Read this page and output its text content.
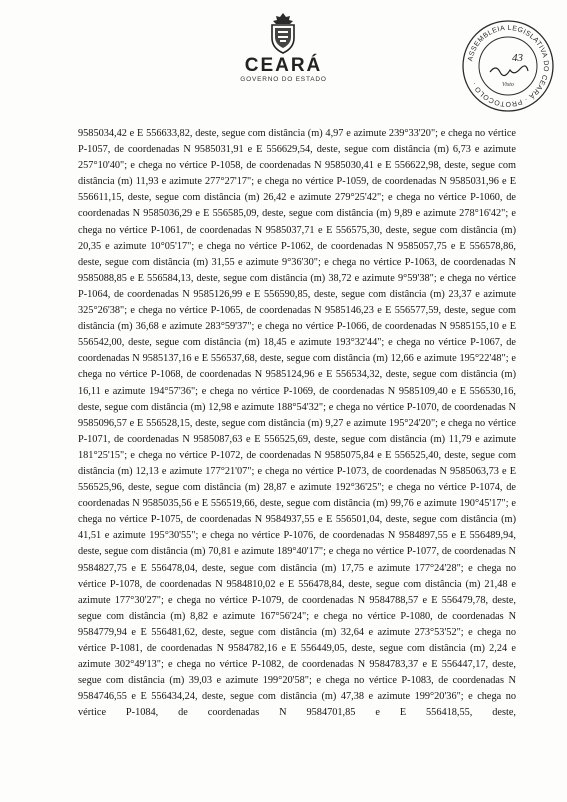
CEARÁ
GOVERNO DO ESTADO
ASSEMBLEIA LEGISLATIVA DO CEARÁ · PROTOCOLO ·
43
Visto

9585034,42 e E 556633,82, deste, segue com distância (m) 4,97 e azimute 239°33'20"; e chega no vértice P-1057, de coordenadas N 9585031,91 e E 556629,54, deste, segue com distância (m) 6,73 e azimute 257°10'40"; e chega no vértice P-1058, de coordenadas N 9585030,41 e E 556622,98, deste, segue com distância (m) 11,93 e azimute 277°27'17"; e chega no vértice P-1059, de coordenadas N 9585031,96 e E 556611,15, deste, segue com distância (m) 26,42 e azimute 279°25'42"; e chega no vértice P-1060, de coordenadas N 9585036,29 e E 556585,09, deste, segue com distância (m) 9,89 e azimute 278°16'42"; e chega no vértice P-1061, de coordenadas N 9585037,71 e E 556575,30, deste, segue com distância (m) 20,35 e azimute 10°05'17"; e chega no vértice P-1062, de coordenadas N 9585057,75 e E 556578,86, deste, segue com distância (m) 31,55 e azimute 9°36'30"; e chega no vértice P-1063, de coordenadas N 9585088,85 e E 556584,13, deste, segue com distância (m) 38,72 e azimute 9°59'38"; e chega no vértice P-1064, de coordenadas N 9585126,99 e E 556590,85, deste, segue com distância (m) 23,37 e azimute 325°26'38"; e chega no vértice P-1065, de coordenadas N 9585146,23 e E 556577,59, deste, segue com distância (m) 36,68 e azimute 283°59'37"; e chega no vértice P-1066, de coordenadas N 9585155,10 e E 556542,00, deste, segue com distância (m) 18,45 e azimute 193°32'44"; e chega no vértice P-1067, de coordenadas N 9585137,16 e E 556537,68, deste, segue com distância (m) 12,66 e azimute 195°22'48"; e chega no vértice P-1068, de coordenadas N 9585124,96 e E 556534,32, deste, segue com distância (m) 16,11 e azimute 194°57'36"; e chega no vértice P-1069, de coordenadas N 9585109,40 e E 556530,16, deste, segue com distância (m) 12,98 e azimute 188°54'32"; e chega no vértice P-1070, de coordenadas N 9585096,57 e E 556528,15, deste, segue com distância (m) 9,27 e azimute 195°24'20"; e chega no vértice P-1071, de coordenadas N 9585087,63 e E 556525,69, deste, segue com distância (m) 11,79 e azimute 181°25'15"; e chega no vértice P-1072, de coordenadas N 9585075,84 e E 556525,40, deste, segue com distância (m) 12,13 e azimute 177°21'07"; e chega no vértice P-1073, de coordenadas N 9585063,73 e E 556525,96, deste, segue com distância (m) 28,87 e azimute 192°36'25"; e chega no vértice P-1074, de coordenadas N 9585035,56 e E 556519,66, deste, segue com distância (m) 99,76 e azimute 190°45'17"; e chega no vértice P-1075, de coordenadas N 9584937,55 e E 556501,04, deste, segue com distância (m) 41,51 e azimute 195°30'55"; e chega no vértice P-1076, de coordenadas N 9584897,55 e E 556489,94, deste, segue com distância (m) 70,81 e azimute 189°40'17"; e chega no vértice P-1077, de coordenadas N 9584827,75 e E 556478,04, deste, segue com distância (m) 17,75 e azimute 177°24'28"; e chega no vértice P-1078, de coordenadas N 9584810,02 e E 556478,84, deste, segue com distância (m) 21,48 e azimute 177°30'27"; e chega no vértice P-1079, de coordenadas N 9584788,57 e E 556479,78, deste, segue com distância (m) 8,82 e azimute 167°56'24"; e chega no vértice P-1080, de coordenadas N 9584779,94 e E 556481,62, deste, segue com distância (m) 32,64 e azimute 273°53'52"; e chega no vértice P-1081, de coordenadas N 9584782,16 e E 556449,05, deste, segue com distância (m) 2,24 e azimute 302°49'13"; e chega no vértice P-1082, de coordenadas N 9584783,37 e E 556447,17, deste, segue com distância (m) 39,03 e azimute 199°20'58"; e chega no vértice P-1083, de coordenadas N 9584746,55 e E 556434,24, deste, segue com distância (m) 47,38 e azimute 199°20'36"; e chega no vértice P-1084, de coordenadas N 9584701,85 e E 556418,55, deste,
